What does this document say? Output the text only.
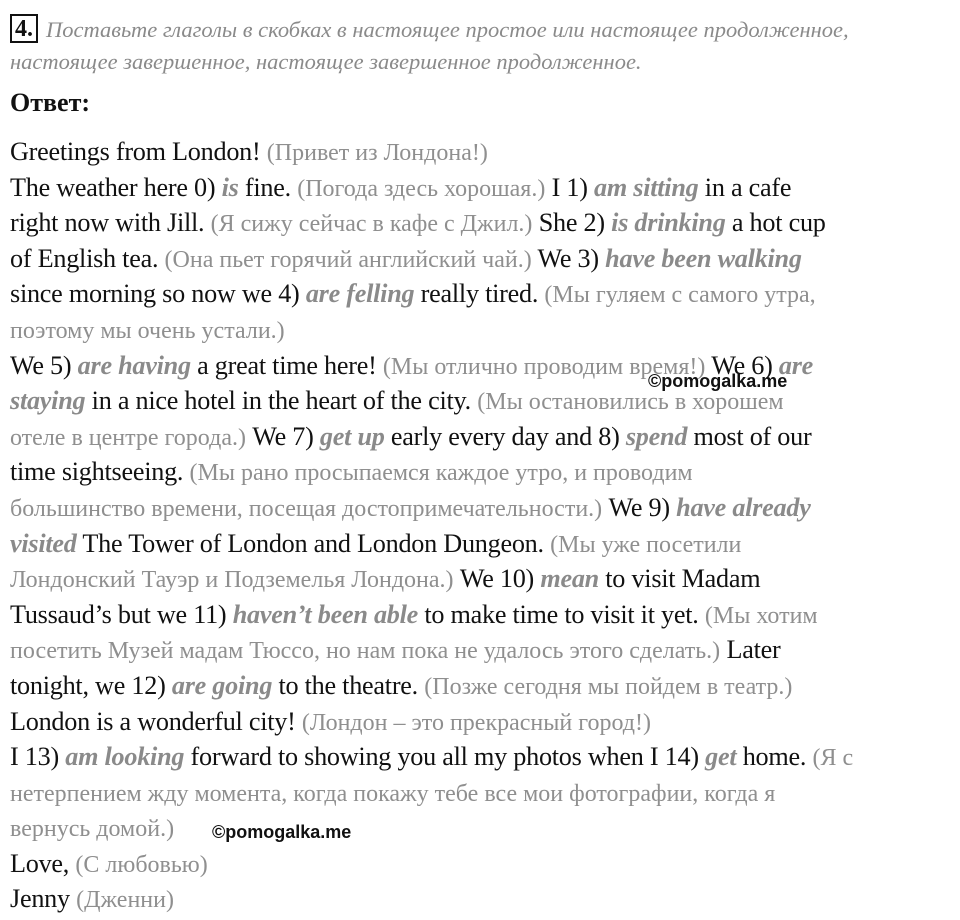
4. Поставьте глаголы в скобках в настоящее простое или настоящее продолженное,
настоящее завершенное, настоящее завершенное продолженное.
Ответ:
Greetings from London! (Привет из Лондона!)
The weather here 0) is fine. (Погода здесь хорошая.) I 1) am sitting in a cafe
right now with Jill. (Я сижу сейчас в кафе с Джил.) She 2) is drinking a hot cup
of English tea. (Она пьет горячий английский чай.) We 3) have been walking
since morning so now we 4) are felling really tired. (Мы гуляем с самого утра,
поэтому мы очень устали.)
We 5) are having a great time here! (Мы отлично проводим время!) We 6) are
staying in a nice hotel in the heart of the city. (Мы остановились в хорошем
отеле в центре города.) We 7) get up early every day and 8) spend most of our
time sightseeing. (Мы рано просыпаемся каждое утро, и проводим
большинство времени, посещая достопримечательности.) We 9) have already
visited The Tower of London and London Dungeon. (Мы уже посетили
Лондонский Тауэр и Подземелья Лондона.) We 10) mean to visit Madam
Tussaud’s but we 11) haven’t been able to make time to visit it yet. (Мы хотим
посетить Музей мадам Тюссо, но нам пока не удалось этого сделать.) Later
tonight, we 12) are going to the theatre. (Позже сегодня мы пойдем в театр.)
London is a wonderful city! (Лондон – это прекрасный город!)
I 13) am looking forward to showing you all my photos when I 14) get home. (Я с
нетерпением жду момента, когда покажу тебе все мои фотографии, когда я
вернусь домой.)
Love, (С любовью)
Jenny (Дженни)
©pomogalka.me
©pomogalka.me
